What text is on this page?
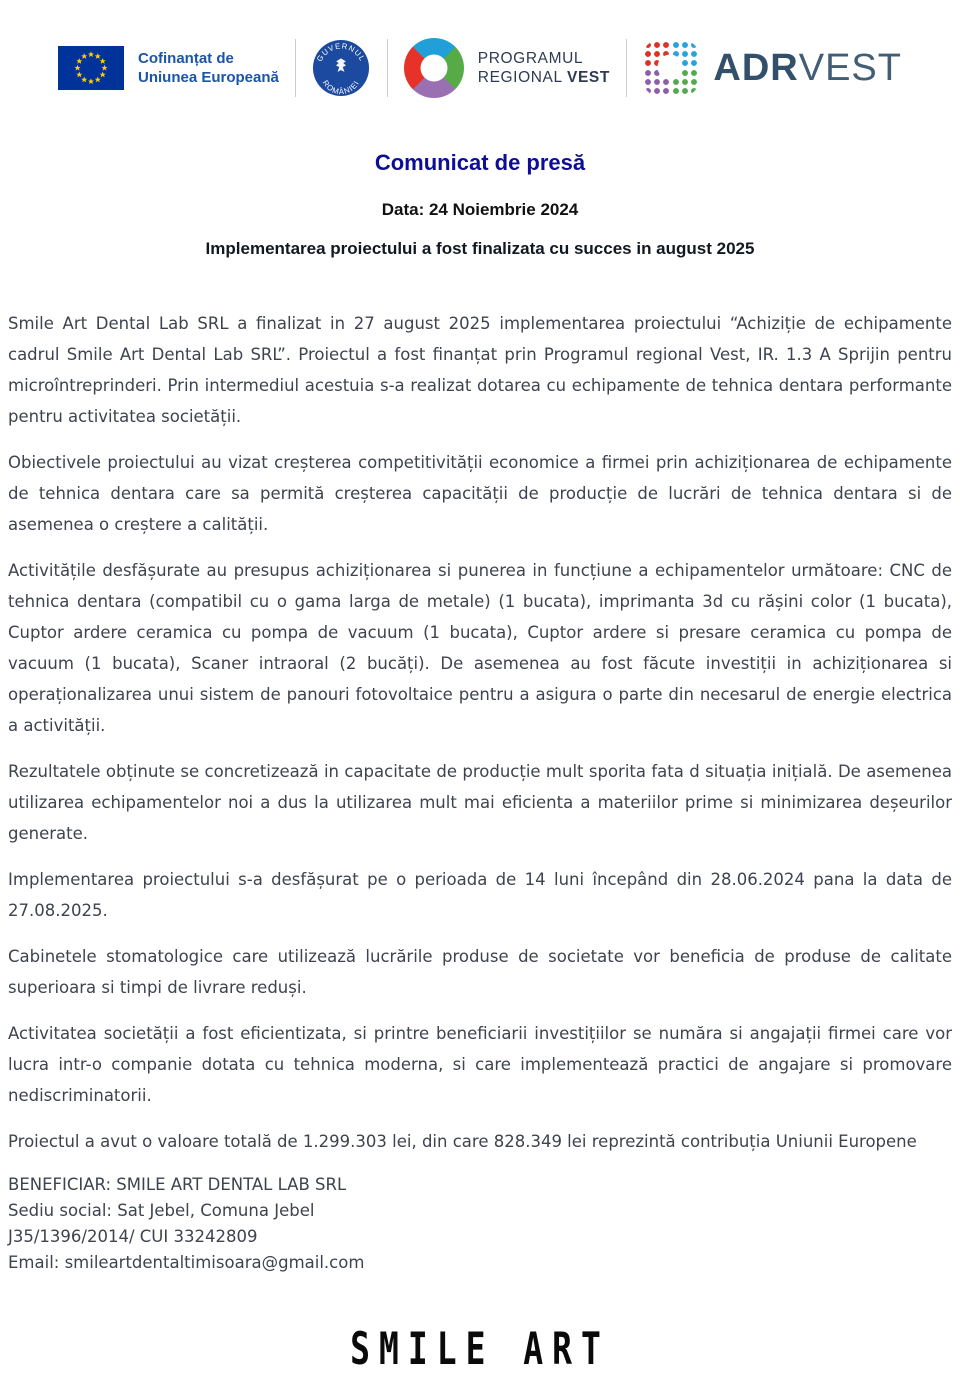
Cofinanțat de
Uniunea Europeană
GUVERNUL
ROMÂNIEI
PROGRAMUL
REGIONAL VEST	ADRVEST
Comunicat de presă
Data: 24 Noiembrie 2024
Implementarea proiectului a fost finalizata cu succes in august 2025

Smile Art Dental Lab SRL a finalizat in 27 august 2025 implementarea proiectului “Achiziție de echipamente cadrul Smile Art Dental Lab SRL”. Proiectul a fost finanțat prin Programul regional Vest, IR. 1.3 A Sprijin pentru microîntreprinderi. Prin intermediul acestuia s-a realizat dotarea cu echipamente de tehnica dentara performante pentru activitatea societății.

Obiectivele proiectului au vizat creșterea competitivității economice a firmei prin achiziționarea de echipamente de tehnica dentara care sa permită creșterea capacității de producție de lucrări de tehnica dentara si de asemenea o creștere a calității.

Activitățile desfășurate au presupus achiziționarea si punerea in funcțiune a echipamentelor următoare: CNC de tehnica dentara (compatibil cu o gama larga de metale) (1 bucata), imprimanta 3d cu rășini color (1 bucata), Cuptor ardere ceramica cu pompa de vacuum (1 bucata), Cuptor ardere si presare ceramica cu pompa de vacuum (1 bucata), Scaner intraoral (2 bucăți). De asemenea au fost făcute investiții in achiziționarea si operaționalizarea unui sistem de panouri fotovoltaice pentru a asigura o parte din necesarul de energie electrica a activității.

Rezultatele obținute se concretizează in capacitate de producție mult sporita fata d situația inițială. De asemenea utilizarea echipamentelor noi a dus la utilizarea mult mai eficienta a materiilor prime si minimizarea deșeurilor generate.

Implementarea proiectului s-a desfășurat pe o perioada de 14 luni începând din 28.06.2024 pana la data de 27.08.2025.

Cabinetele stomatologice care utilizează lucrările produse de societate vor beneficia de produse de calitate superioara si timpi de livrare reduși.

Activitatea societății a fost eficientizata, si printre beneficiarii investițiilor se număra si angajații firmei care vor lucra intr-o companie dotata cu tehnica moderna, si care implementează practici de angajare si promovare nediscriminatorii.

Proiectul a avut o valoare totală de 1.299.303 lei, din care 828.349 lei reprezintă contribuția Uniunii Europene

BENEFICIAR: SMILE ART DENTAL LAB SRL
Sediu social: Sat Jebel, Comuna Jebel
J35/1396/2014/ CUI 33242809
Email: smileartdentaltimisoara@gmail.com
SMILE ART
